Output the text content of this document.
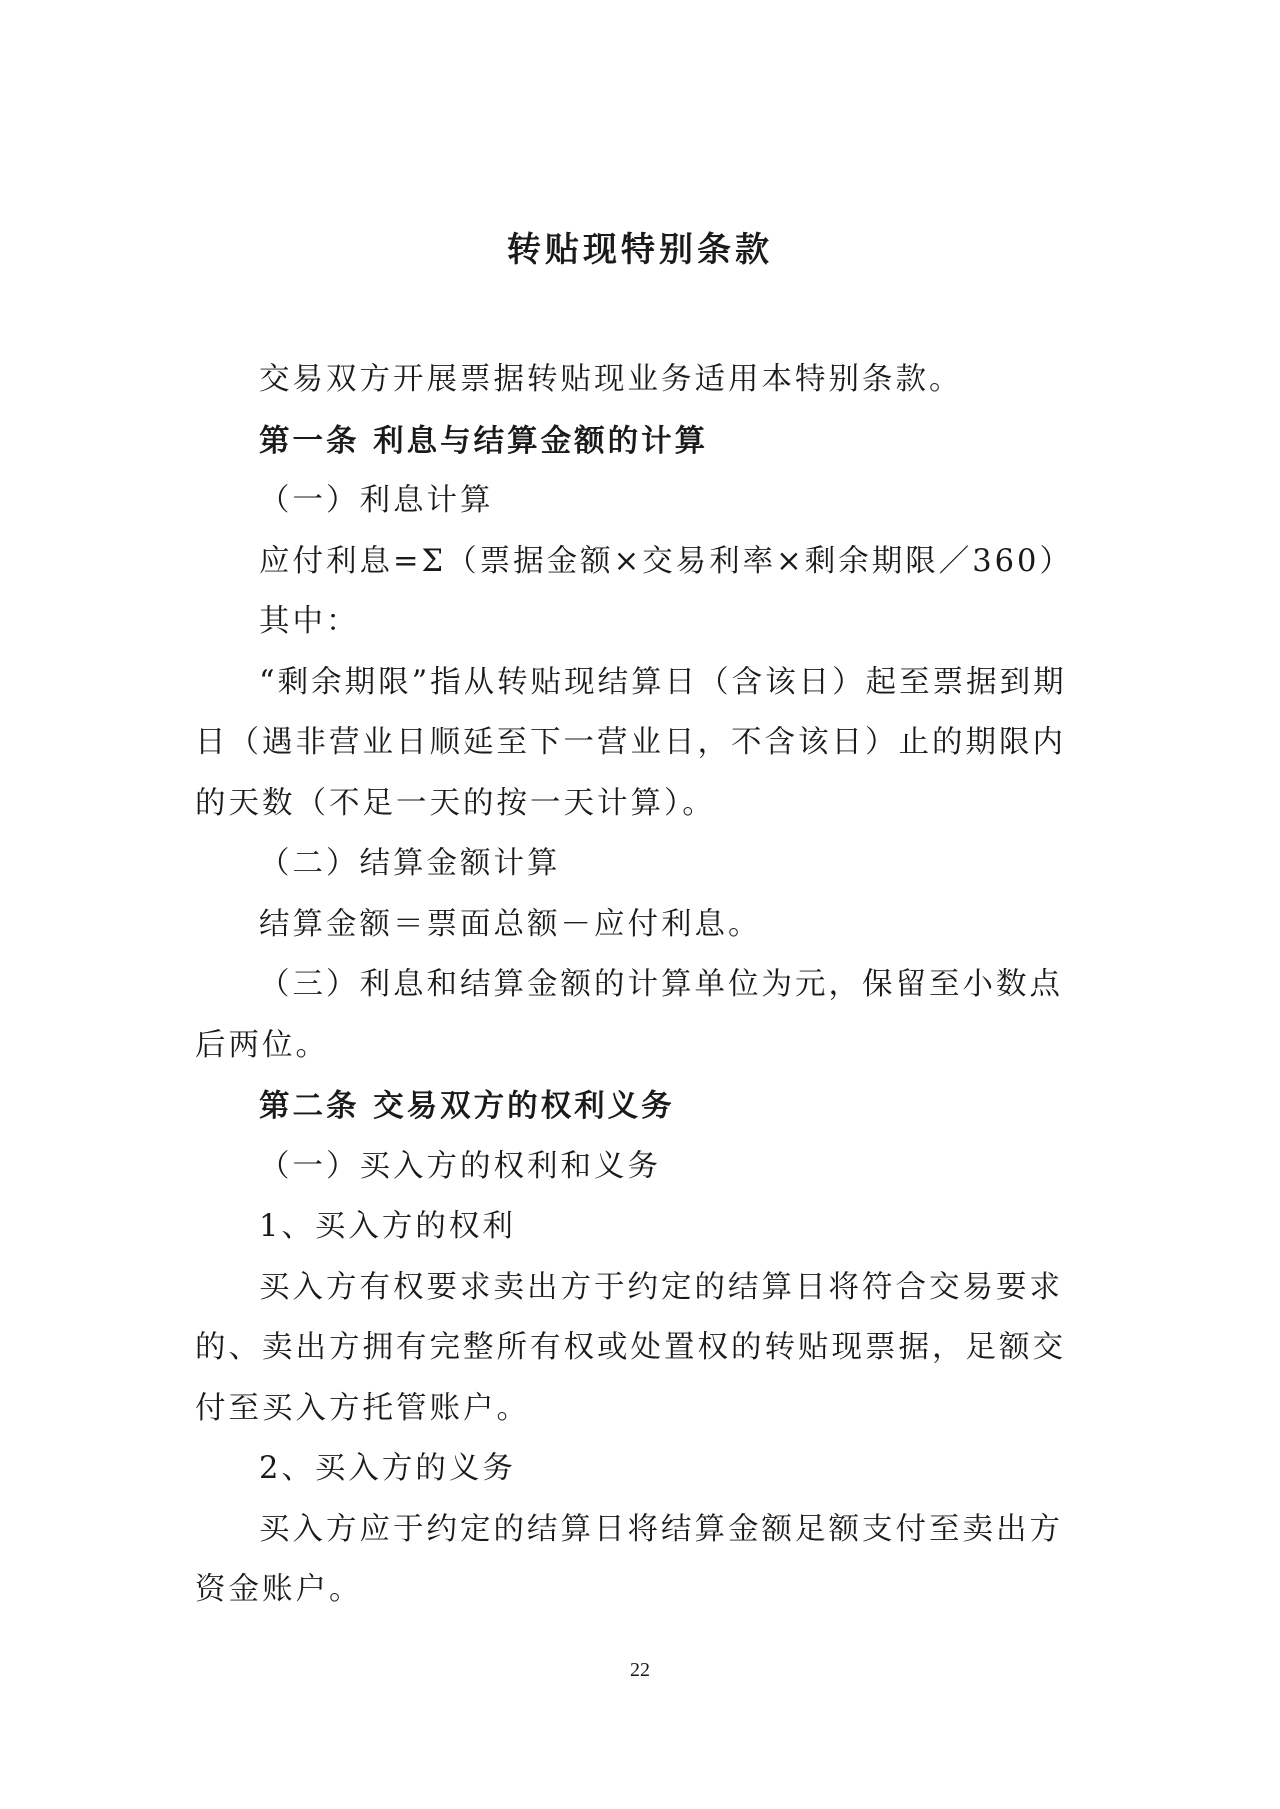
转贴现特别条款

交易双方开展票据转贴现业务适用本特别条款。

第一条 利息与结算金额的计算

（一）利息计算

应付利息=Σ（票据金额×交易利率×剩余期限／360）

其中：

“剩余期限”指从转贴现结算日（含该日）起至票据到期日（遇非营业日顺延至下一营业日，不含该日）止的期限内的天数（不足一天的按一天计算）。

（二）结算金额计算

结算金额＝票面总额－应付利息。

（三）利息和结算金额的计算单位为元，保留至小数点后两位。

第二条 交易双方的权利义务

（一）买入方的权利和义务

1、买入方的权利

买入方有权要求卖出方于约定的结算日将符合交易要求的、卖出方拥有完整所有权或处置权的转贴现票据，足额交付至买入方托管账户。

2、买入方的义务

买入方应于约定的结算日将结算金额足额支付至卖出方资金账户。

22
